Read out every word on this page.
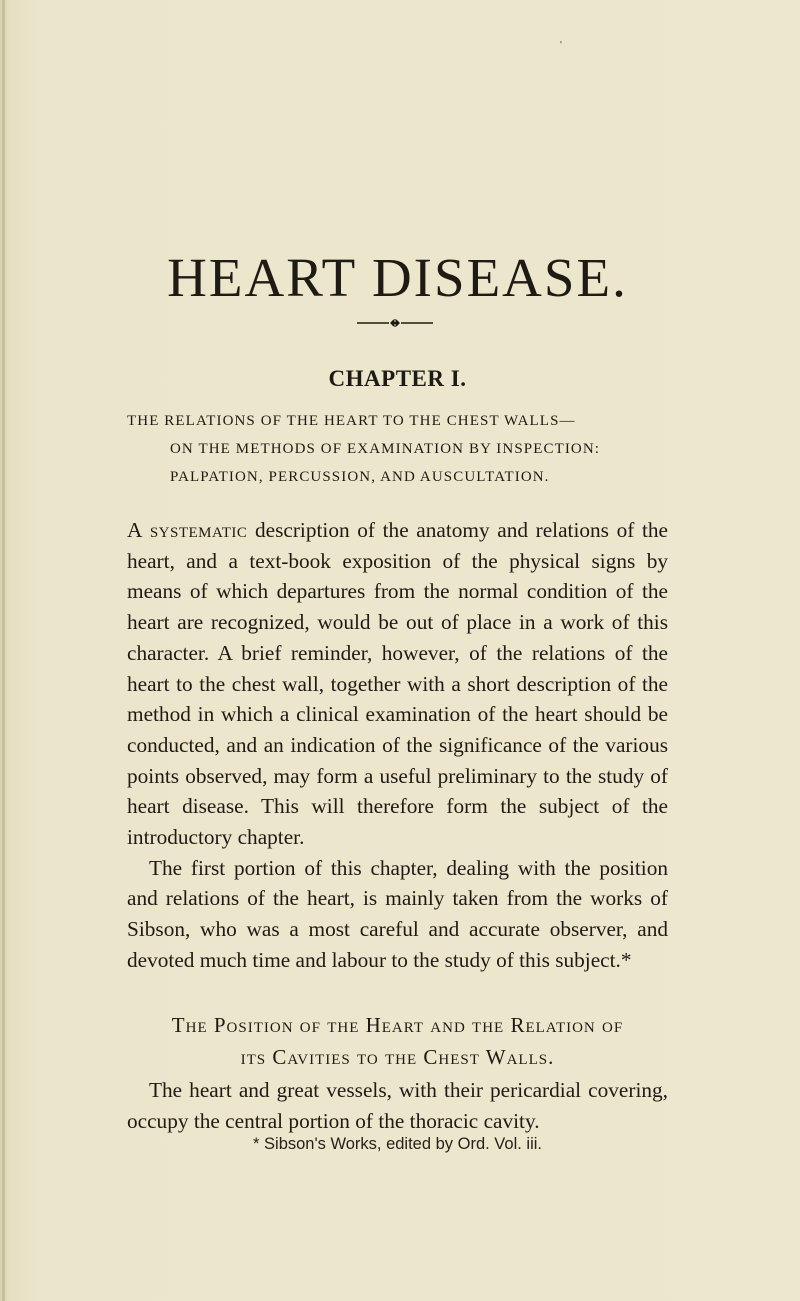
HEART DISEASE.
CHAPTER I.
THE RELATIONS OF THE HEART TO THE CHEST WALLS—
ON THE METHODS OF EXAMINATION BY INSPECTION:
PALPATION, PERCUSSION, AND AUSCULTATION.

A systematic description of the anatomy and relations of the heart, and a text-book exposition of the physical signs by means of which departures from the normal condition of the heart are recognized, would be out of place in a work of this character. A brief reminder, however, of the relations of the heart to the chest wall, together with a short description of the method in which a clinical examination of the heart should be conducted, and an indication of the significance of the various points observed, may form a useful preliminary to the study of heart disease. This will therefore form the subject of the introductory chapter.

The first portion of this chapter, dealing with the position and relations of the heart, is mainly taken from the works of Sibson, who was a most careful and accurate observer, and devoted much time and labour to the study of this subject.*

The Position of the Heart and the Relation of
its Cavities to the Chest Walls.

The heart and great vessels, with their pericardial covering, occupy the central portion of the thoracic cavity.

* Sibson's Works, edited by Ord. Vol. iii.
'
